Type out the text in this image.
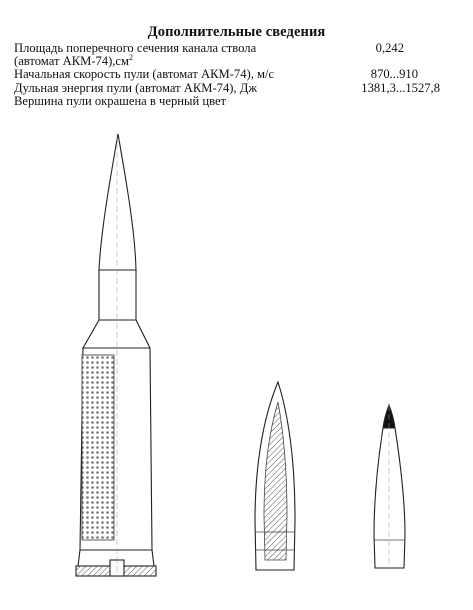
Дополнительные сведения
Площадь поперечного сечения канала ствола	0,242
(автомат АКМ-$74),см^2$
Начальная скорость пули (автомат АКМ-74), м/с	870...910
Дульная энергия пули (автомат АКМ-74), Дж	1381,3...1527,8
Вершина пули окрашена в черный цвет
